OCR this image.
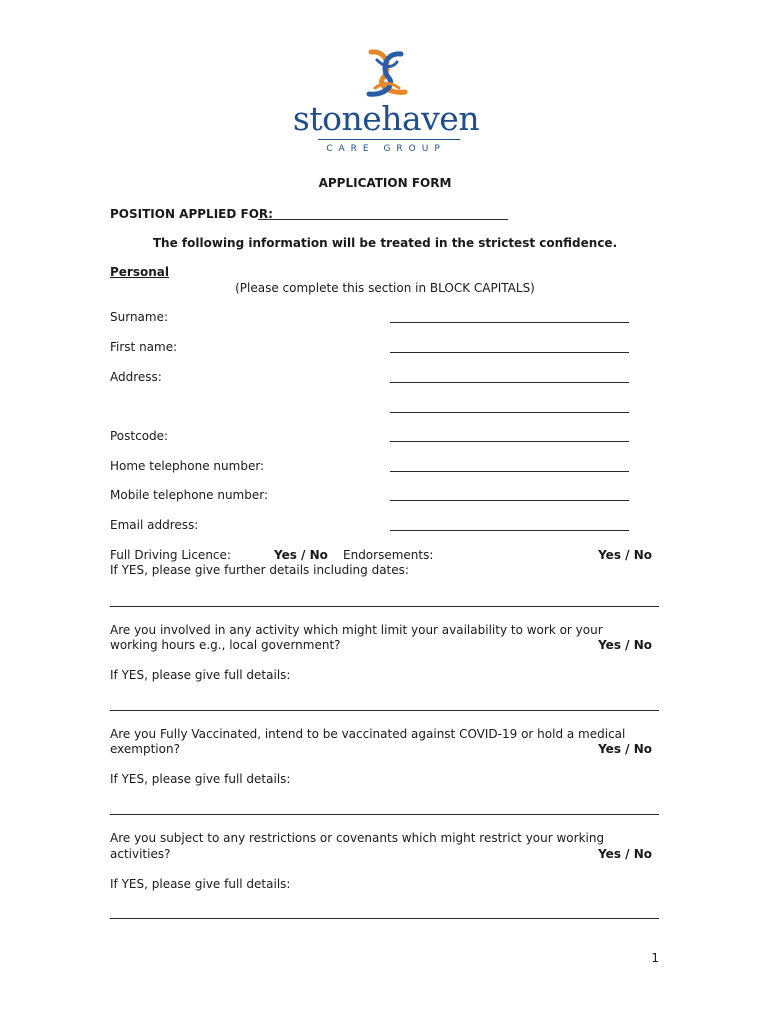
stonehaven
CARE GROUP
APPLICATION FORM
POSITION APPLIED FOR:
The following information will be treated in the strictest confidence.
Personal
(Please complete this section in BLOCK CAPITALS)
Surname:
First name:
Address:
Postcode:
Home telephone number:
Mobile telephone number:
Email address:
Full Driving Licence:	Yes / No Endorsements:	Yes / No
If YES, please give further details including dates:
Are you involved in any activity which might limit your availability to work or your
working hours e.g., local government?	Yes / No
If YES, please give full details:
Are you Fully Vaccinated, intend to be vaccinated against COVID-19 or hold a medical
exemption?	Yes / No
If YES, please give full details:
Are you subject to any restrictions or covenants which might restrict your working
activities?	Yes / No
If YES, please give full details:
1
